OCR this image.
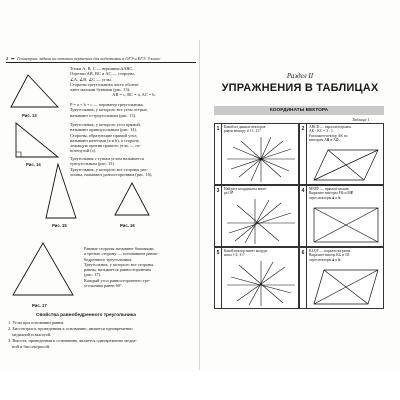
2 ▪▪▪ Геометрия: задачи на готовых чертежах для подготовки к ОГЭ и ЕГЭ. 9 класс
Рис. 13
Рис. 14
Рис. 15	Рис. 16
Рис. 17
Точки A, B, C — вершины ∆ABC.
Отрезки AB, BC и AC — стороны,
∠A, ∠B, ∠C — углы.
Стороны треугольника часто обозна-
чают малыми буквами (рис. 13):
AB = c, BC = a, AC = b.
P = a + b + c — периметр треугольника.
Треугольник, у которого все углы острые,
называют остроугольным (рис. 13).
Треугольник, у которого угол прямой,
называют прямоугольным (рис. 14).
Стороны, образующие прямой угол,
называют катетами (a и b), а сторону,
лежащую против прямого угла, — ги-
потенузой (c).
Треугольник с тупым углом называется
тупоугольным (рис. 15).
Треугольник, у которого все стороны раз-
личны, называют разносторонним (рис. 16).
Равные стороны называют боковыми,
а третью сторону — основанием равно-
бедренного треугольника.
Треугольник, у которого все стороны
равны, называется равносторонним
(рис. 17).
Каждый угол равностороннего тре-
угольника равен 60°.
Свойства равнобедренного треугольника
1. Углы при основании равны.
2. Биссектриса, проведенная к основанию, является одновременно
медианой и высотой.
3. Высота, проведенная к основанию, является одновременно медиа-
ной и биссектрисой.
Раздел II
УПРАЖНЕНИЯ В ТАБЛИЦАХ
КООРДИНАТЫ ВЕКТОРА
Таблица 1
1	Какой из данных векторов
равен вектору x⃗ {1; 2}?	2	ABCD — параллелограмм.
AK : KC = 3 : 1.
Разложите вектор AK⃗ по
векторам AB⃗ и AD⃗.
3	Найдите координаты векто-
ра OF⃗.	4	MNEF — прямоугольник.
Выразите векторы FN⃗ и ME⃗
через векторы a⃗ и b⃗.
5	Какой вектор имеет коорди-
наты {-2; 3}?	6	KLQT — параллелограмм.
Выразите вектор KL⃗ и TK⃗
через векторы a⃗ и b⃗.
